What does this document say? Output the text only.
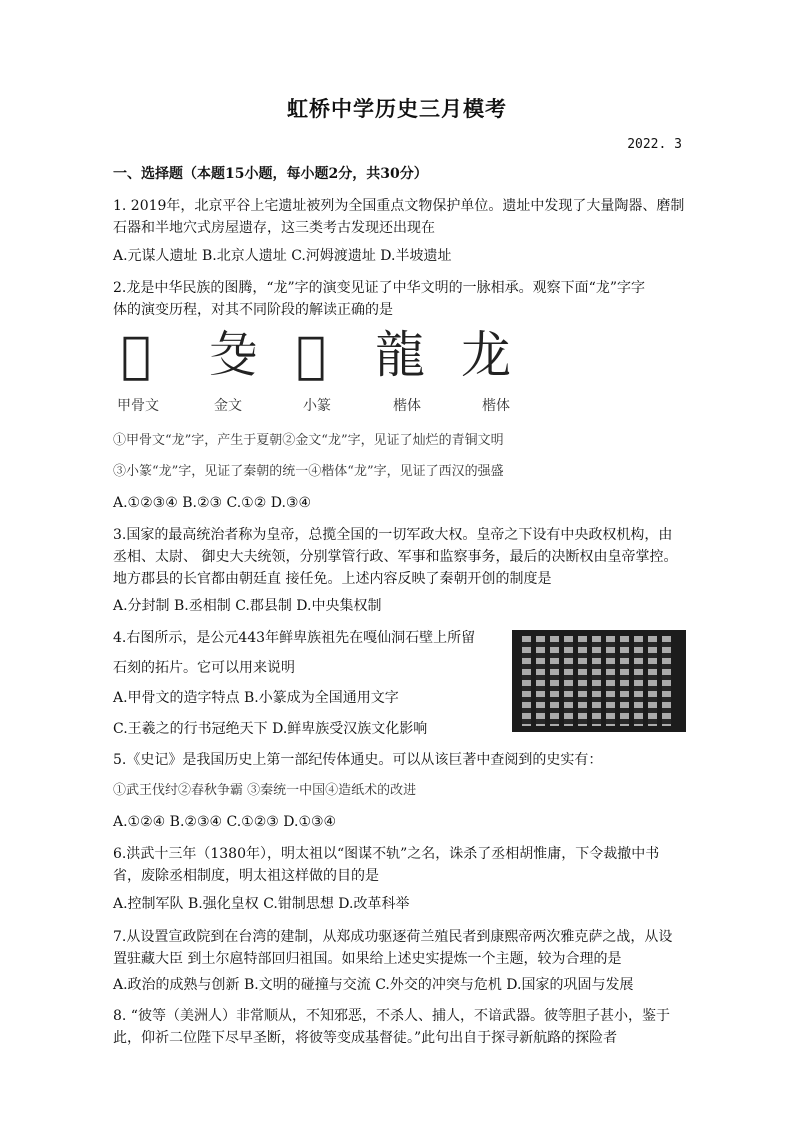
虹桥中学历史三月模考
2022. 3
一、选择题（本题15小题，每小题2分，共30分）
1. 2019年，北京平谷上宅遗址被列为全国重点文物保护单位。遗址中发现了大量陶器、磨制
石器和半地穴式房屋遗存，这三类考古发现还出现在
A.元谋人遗址 B.北京人遗址 C.河姆渡遗址 D.半坡遗址
2.龙是中华民族的图腾，“龙”字的演变见证了中华文明的一脉相承。观察下面“龙”字字
体的演变历程，对其不同阶段的解读正确的是
𤕫 𢑓 𩀱 龍 龙
甲骨文	金文	小篆	楷体	楷体
①甲骨文“龙”字，产生于夏朝②金文“龙”字，见证了灿烂的青铜文明
③小篆“龙”字，见证了秦朝的统一④楷体“龙”字，见证了西汉的强盛
A.①②③④ B.②③ C.①② D.③④
3.国家的最高统治者称为皇帝，总揽全国的一切军政大权。皇帝之下设有中央政权机构，由
丞相、太尉、 御史大夫统领，分别掌管行政、军事和监察事务，最后的决断权由皇帝掌控。
地方郡县的长官都由朝廷直 接任免。上述内容反映了秦朝开创的制度是
A.分封制 B.丞相制 C.郡县制 D.中央集权制
4.右图所示，是公元443年鲜卑族祖先在嘎仙洞石壁上所留
石刻的拓片。它可以用来说明
A.甲骨文的造字特点 B.小篆成为全国通用文字
C.王羲之的行书冠绝天下 D.鲜卑族受汉族文化影响
5.《史记》是我国历史上第一部纪传体通史。可以从该巨著中查阅到的史实有：
①武王伐纣②春秋争霸 ③秦统一中国④造纸术的改进
A.①②④ B.②③④ C.①②③ D.①③④
6.洪武十三年（1380年），明太祖以“图谋不轨”之名，诛杀了丞相胡惟庸，下令裁撤中书
省，废除丞相制度，明太祖这样做的目的是
A.控制军队 B.强化皇权 C.钳制思想 D.改革科举
7.从设置宣政院到在台湾的建制，从郑成功驱逐荷兰殖民者到康熙帝两次雅克萨之战，从设
置驻藏大臣 到土尔扈特部回归祖国。如果给上述史实提炼一个主题，较为合理的是
A.政治的成熟与创新 B.文明的碰撞与交流 C.外交的冲突与危机 D.国家的巩固与发展
8. “彼等（美洲人）非常顺从，不知邪恶，不杀人、捕人，不谙武器。彼等胆子甚小，鉴于
此，仰祈二位陛下尽早圣断，将彼等变成基督徒。”此句出自于探寻新航路的探险者
